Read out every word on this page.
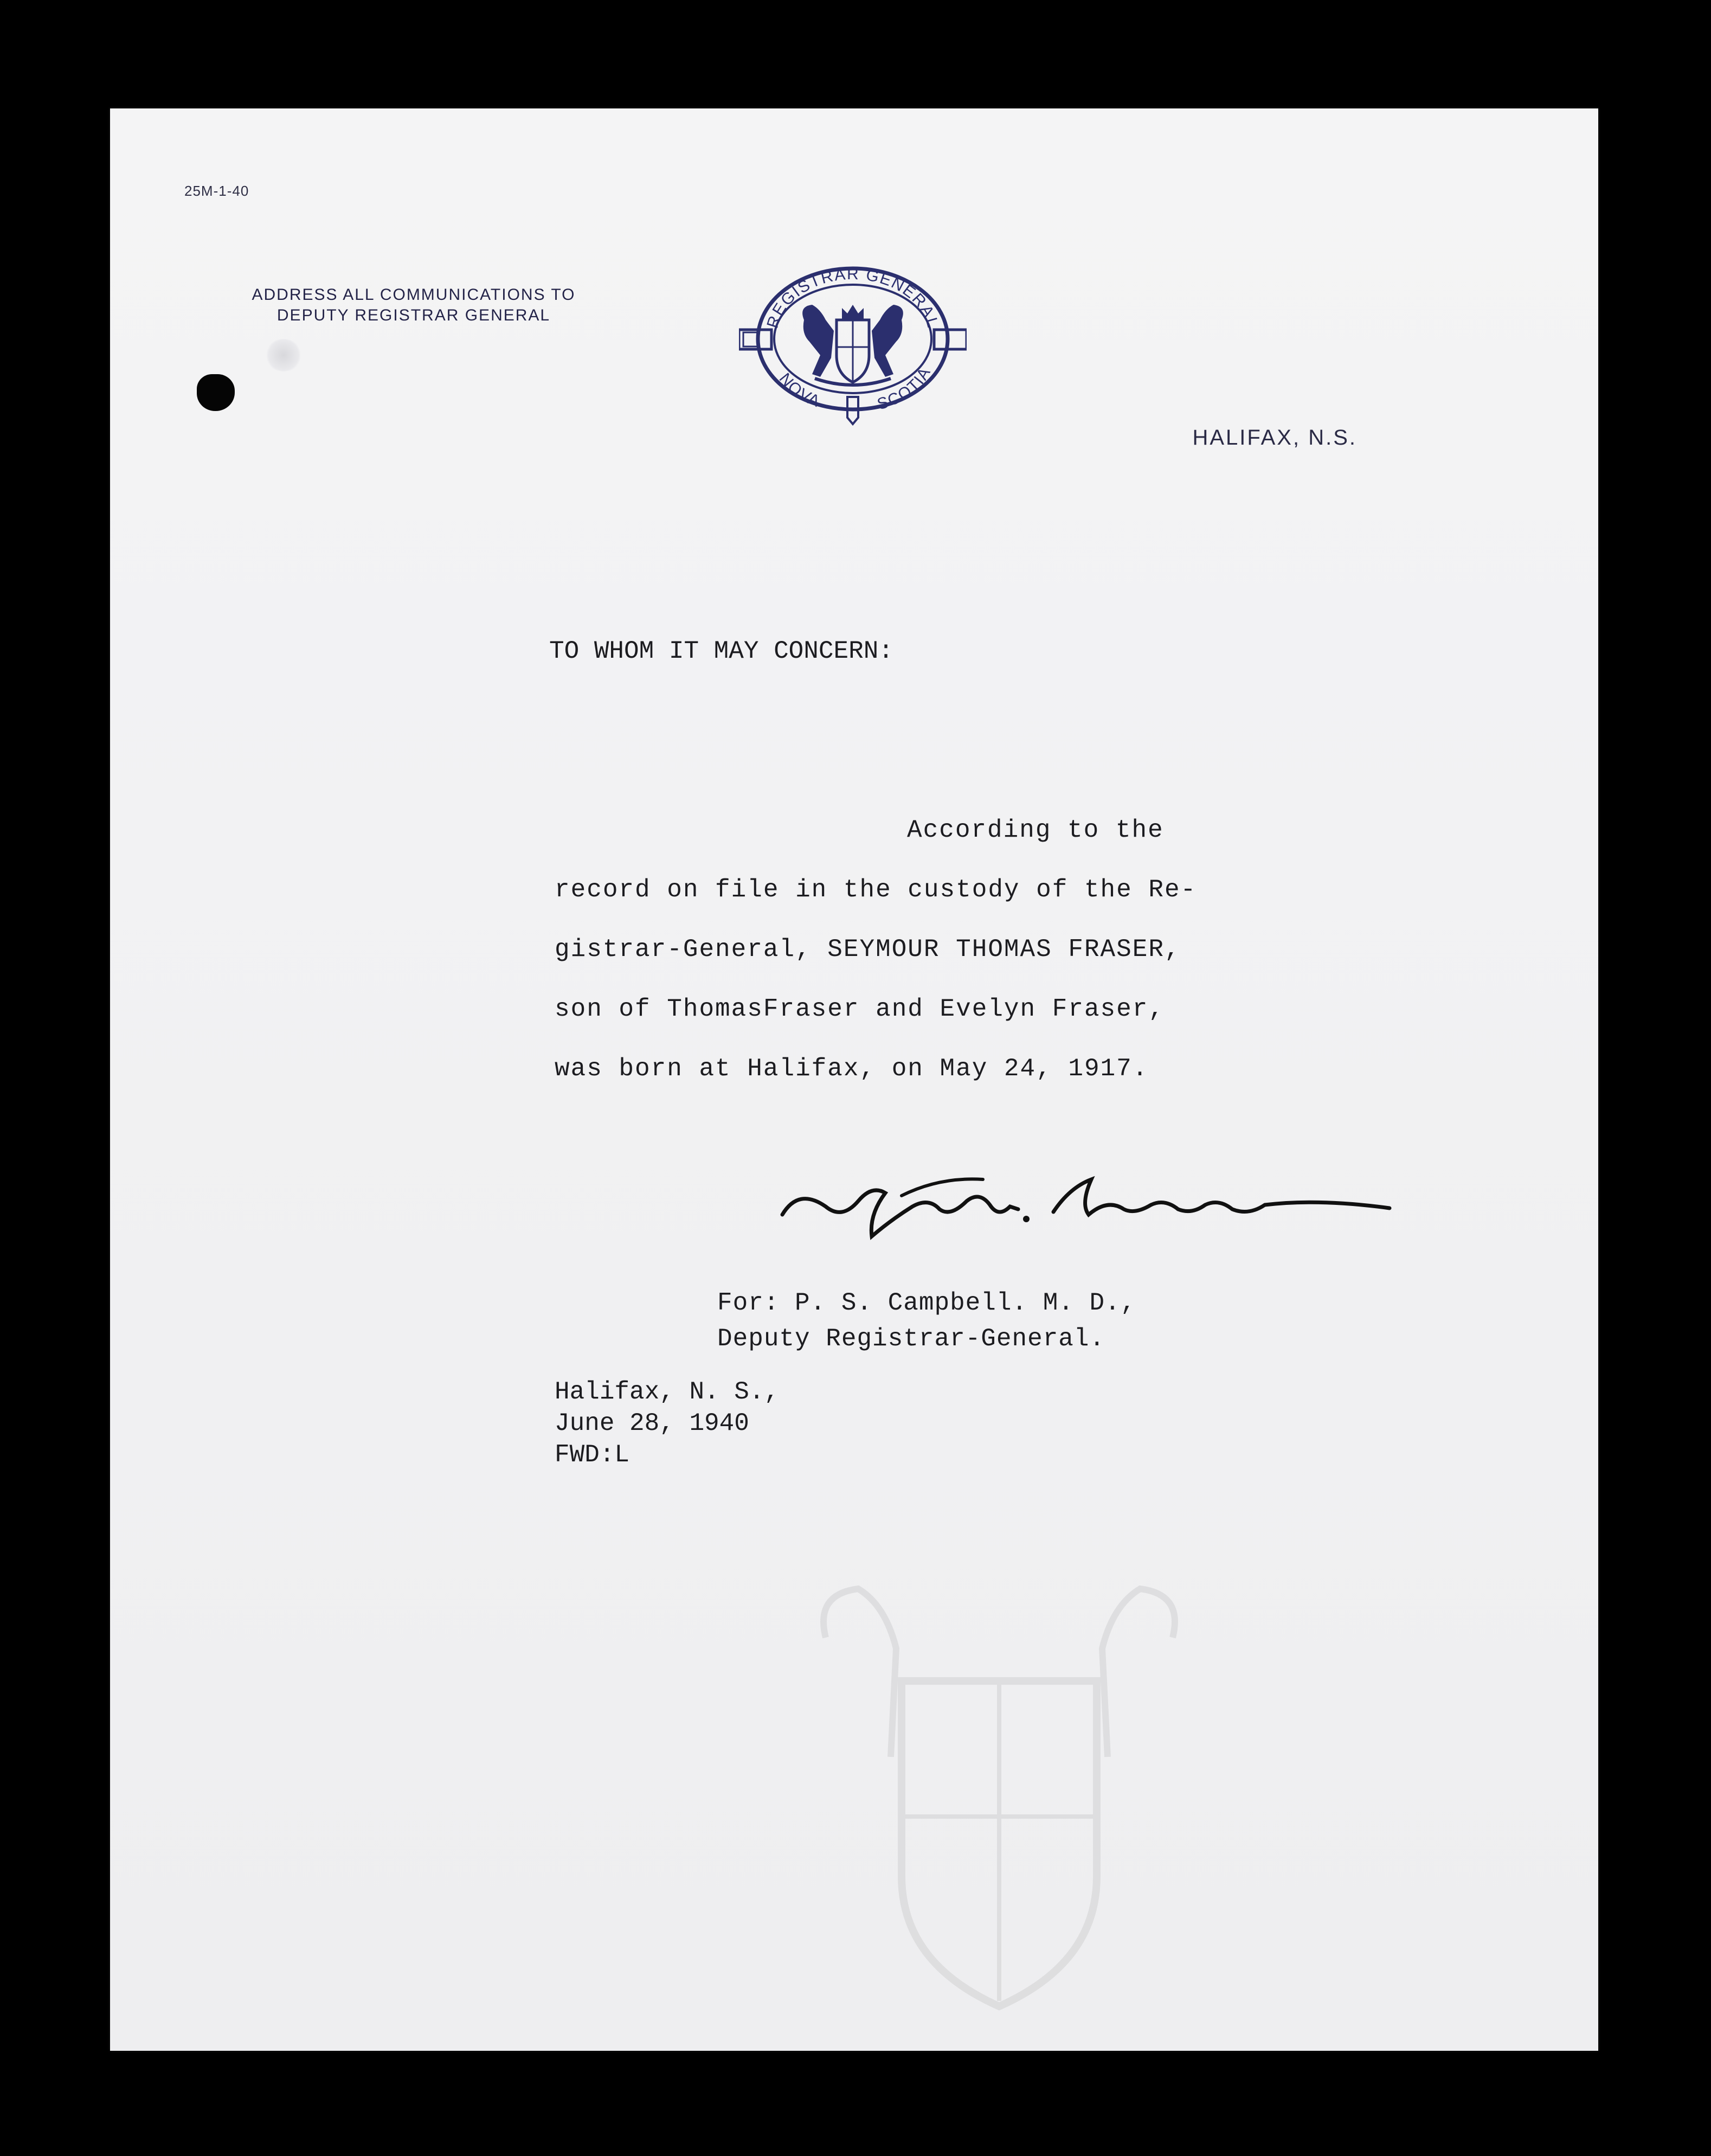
25M-1-40
ADDRESS ALL COMMUNICATIONS TO
DEPUTY REGISTRAR GENERAL	REGISTRAR GENERAL
NOVA	SCOTIA
HALIFAX, N.S.
TO WHOM IT MAY CONCERN:
According to the
record on file in the custody of the Re-
gistrar-General, SEYMOUR THOMAS FRASER,
son of ThomasFraser and Evelyn Fraser,
was born at Halifax, on May 24, 1917.
For: P. S. Campbell. M. D.,
Deputy Registrar-General.
Halifax, N. S.,
June 28, 1940
FWD:L
